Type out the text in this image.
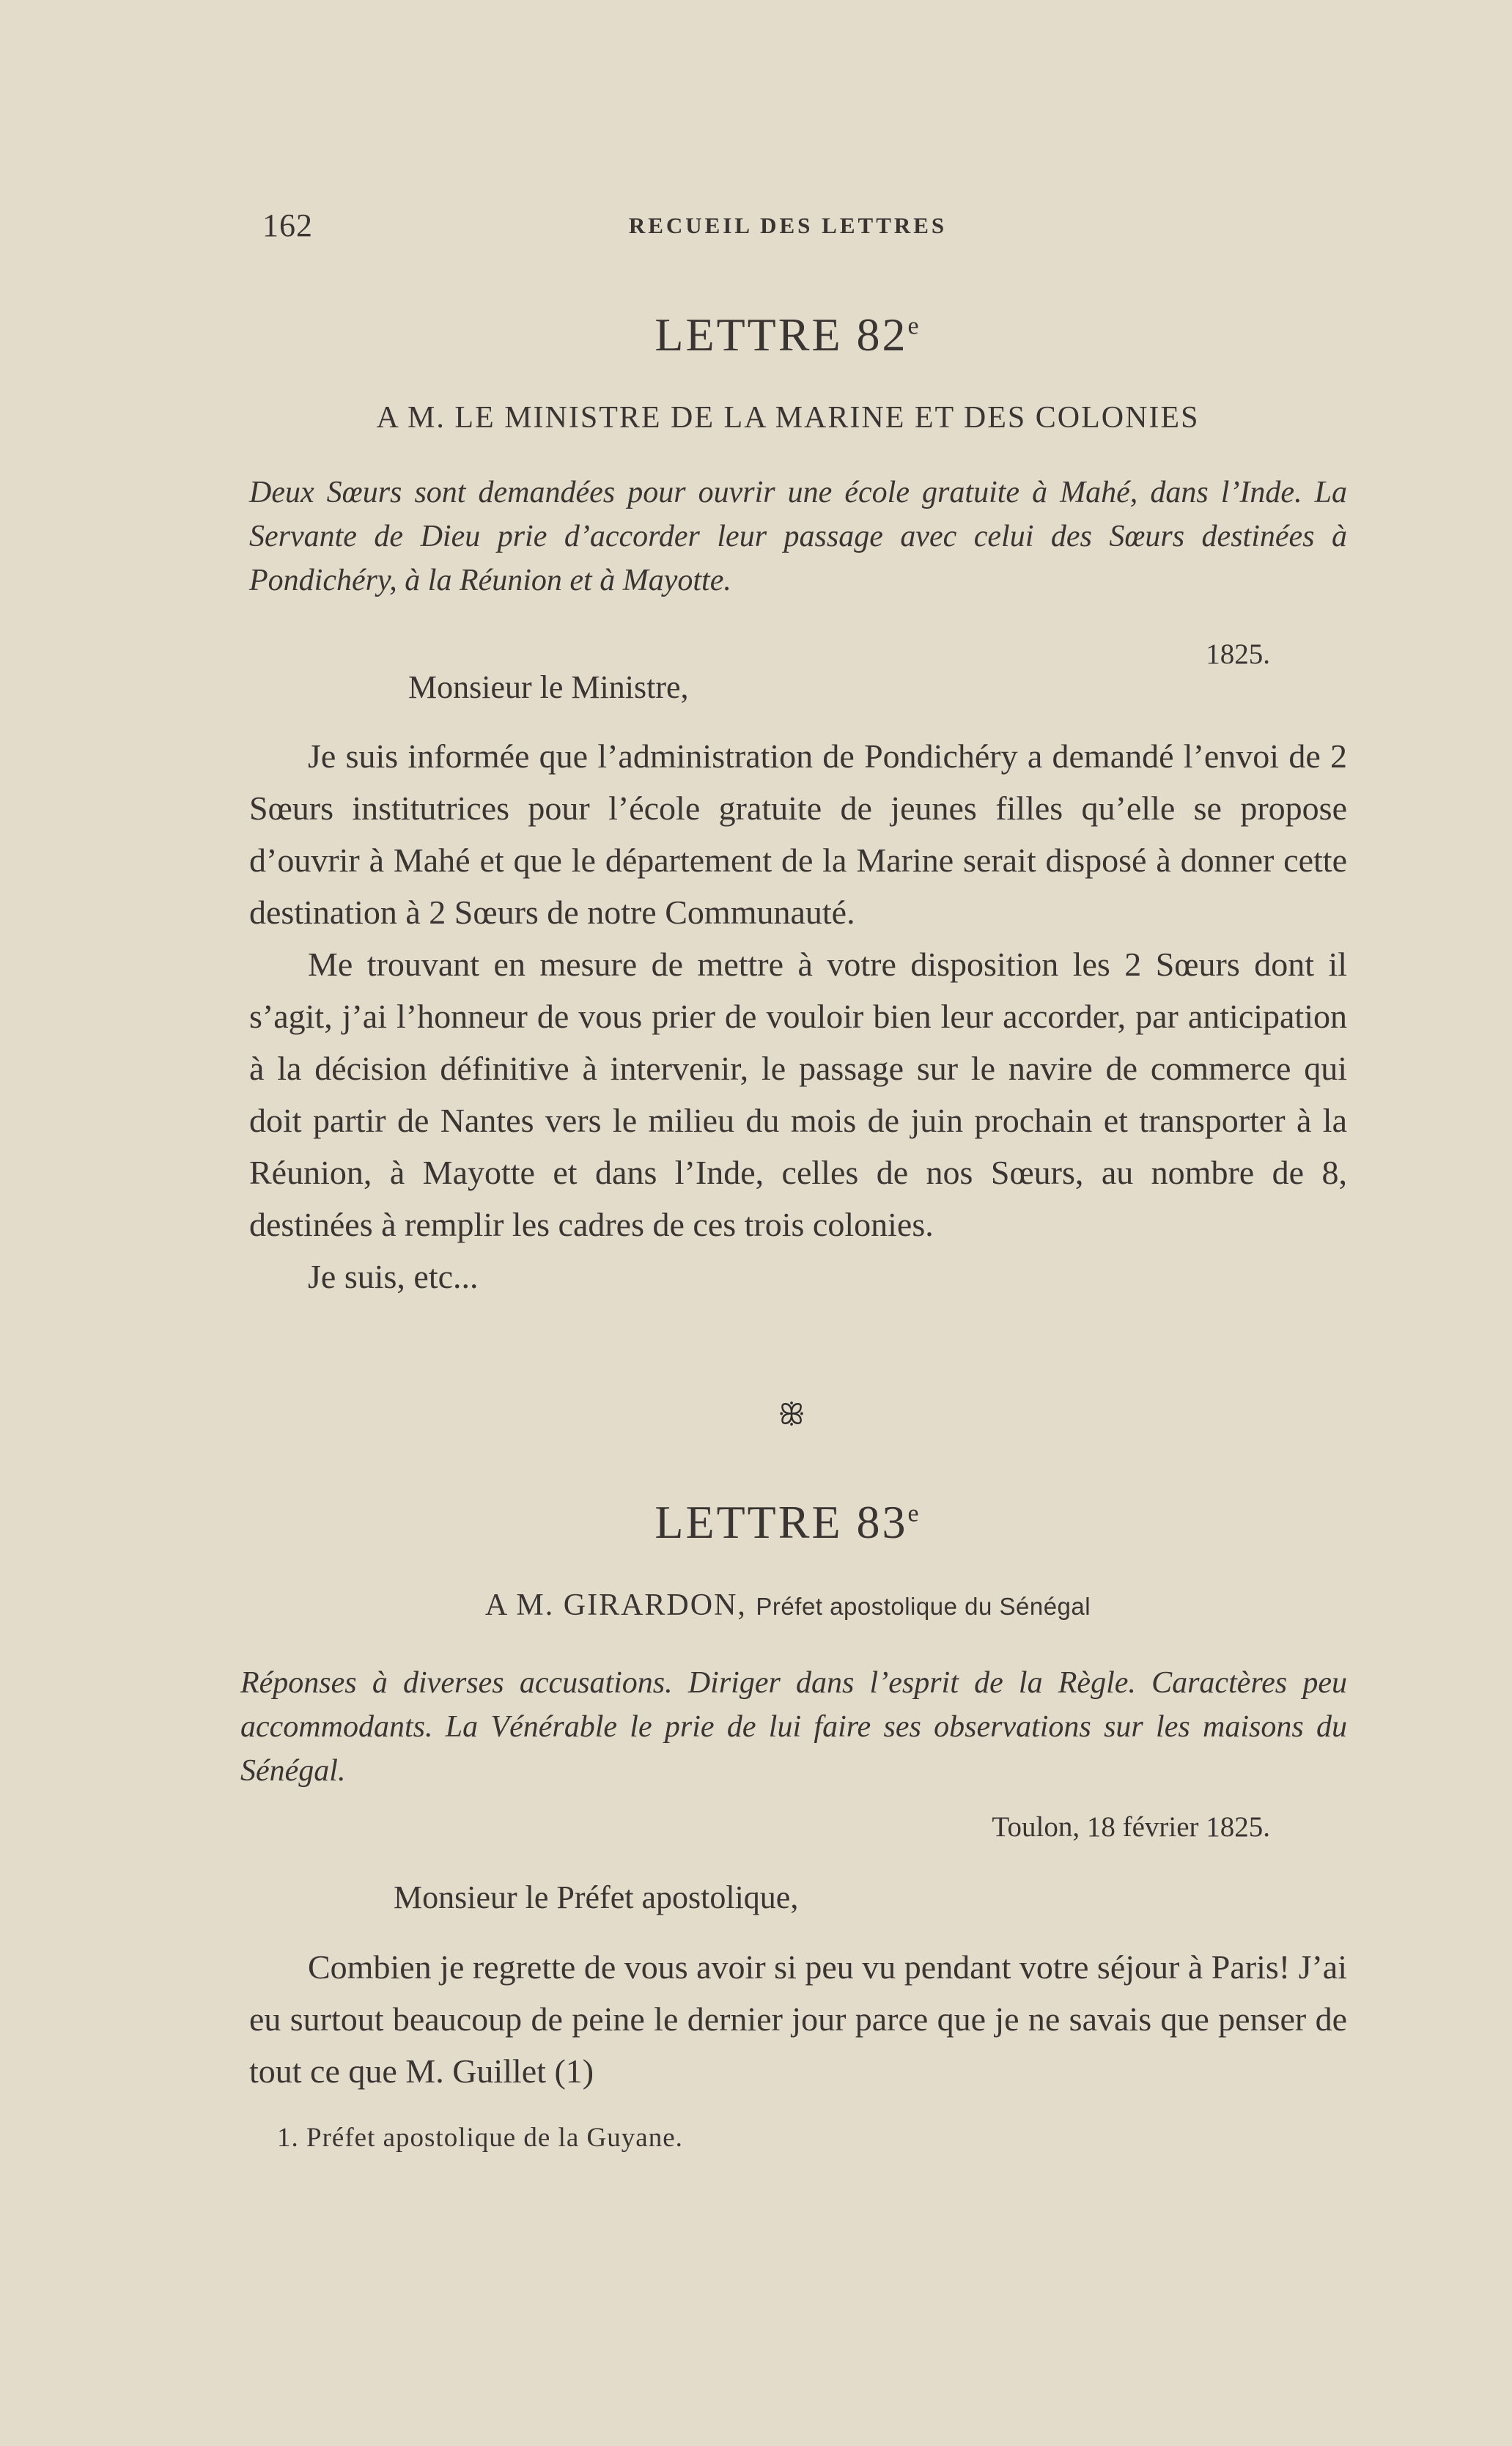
162	RECUEIL DES LETTRES
LETTRE 82e
A M. LE MINISTRE DE LA MARINE ET DES COLONIES
Deux Sœurs sont demandées pour ouvrir une école gratuite à Mahé, dans l’Inde. La Servante de Dieu prie d’accorder leur passage avec celui des Sœurs destinées à Pondichéry, à la Réunion et à Mayotte.
1825.
Monsieur le Ministre,

Je suis informée que l’administration de Pondichéry a demandé l’envoi de 2 Sœurs institutrices pour l’école gratuite de jeunes filles qu’elle se propose d’ouvrir à Mahé et que le département de la Marine serait disposé à donner cette destination à 2 Sœurs de notre Communauté.

Me trouvant en mesure de mettre à votre disposition les 2 Sœurs dont il s’agit, j’ai l’honneur de vous prier de vouloir bien leur accorder, par anticipation à la décision définitive à intervenir, le passage sur le navire de commerce qui doit partir de Nantes vers le milieu du mois de juin prochain et transporter à la Réunion, à Mayotte et dans l’Inde, celles de nos Sœurs, au nombre de 8, destinées à remplir les cadres de ces trois colonies.

Je suis, etc...

ꕥ
LETTRE 83e
A M. GIRARDON, Préfet apostolique du Sénégal
Réponses à diverses accusations. Diriger dans l’esprit de la Règle. Caractères peu accommodants. La Vénérable le prie de lui faire ses observations sur les maisons du Sénégal.
Toulon, 18 février 1825.
Monsieur le Préfet apostolique,

Combien je regrette de vous avoir si peu vu pendant votre séjour à Paris! J’ai eu surtout beaucoup de peine le dernier jour parce que je ne savais que penser de tout ce que M. Guillet (1)

1. Préfet apostolique de la Guyane.
